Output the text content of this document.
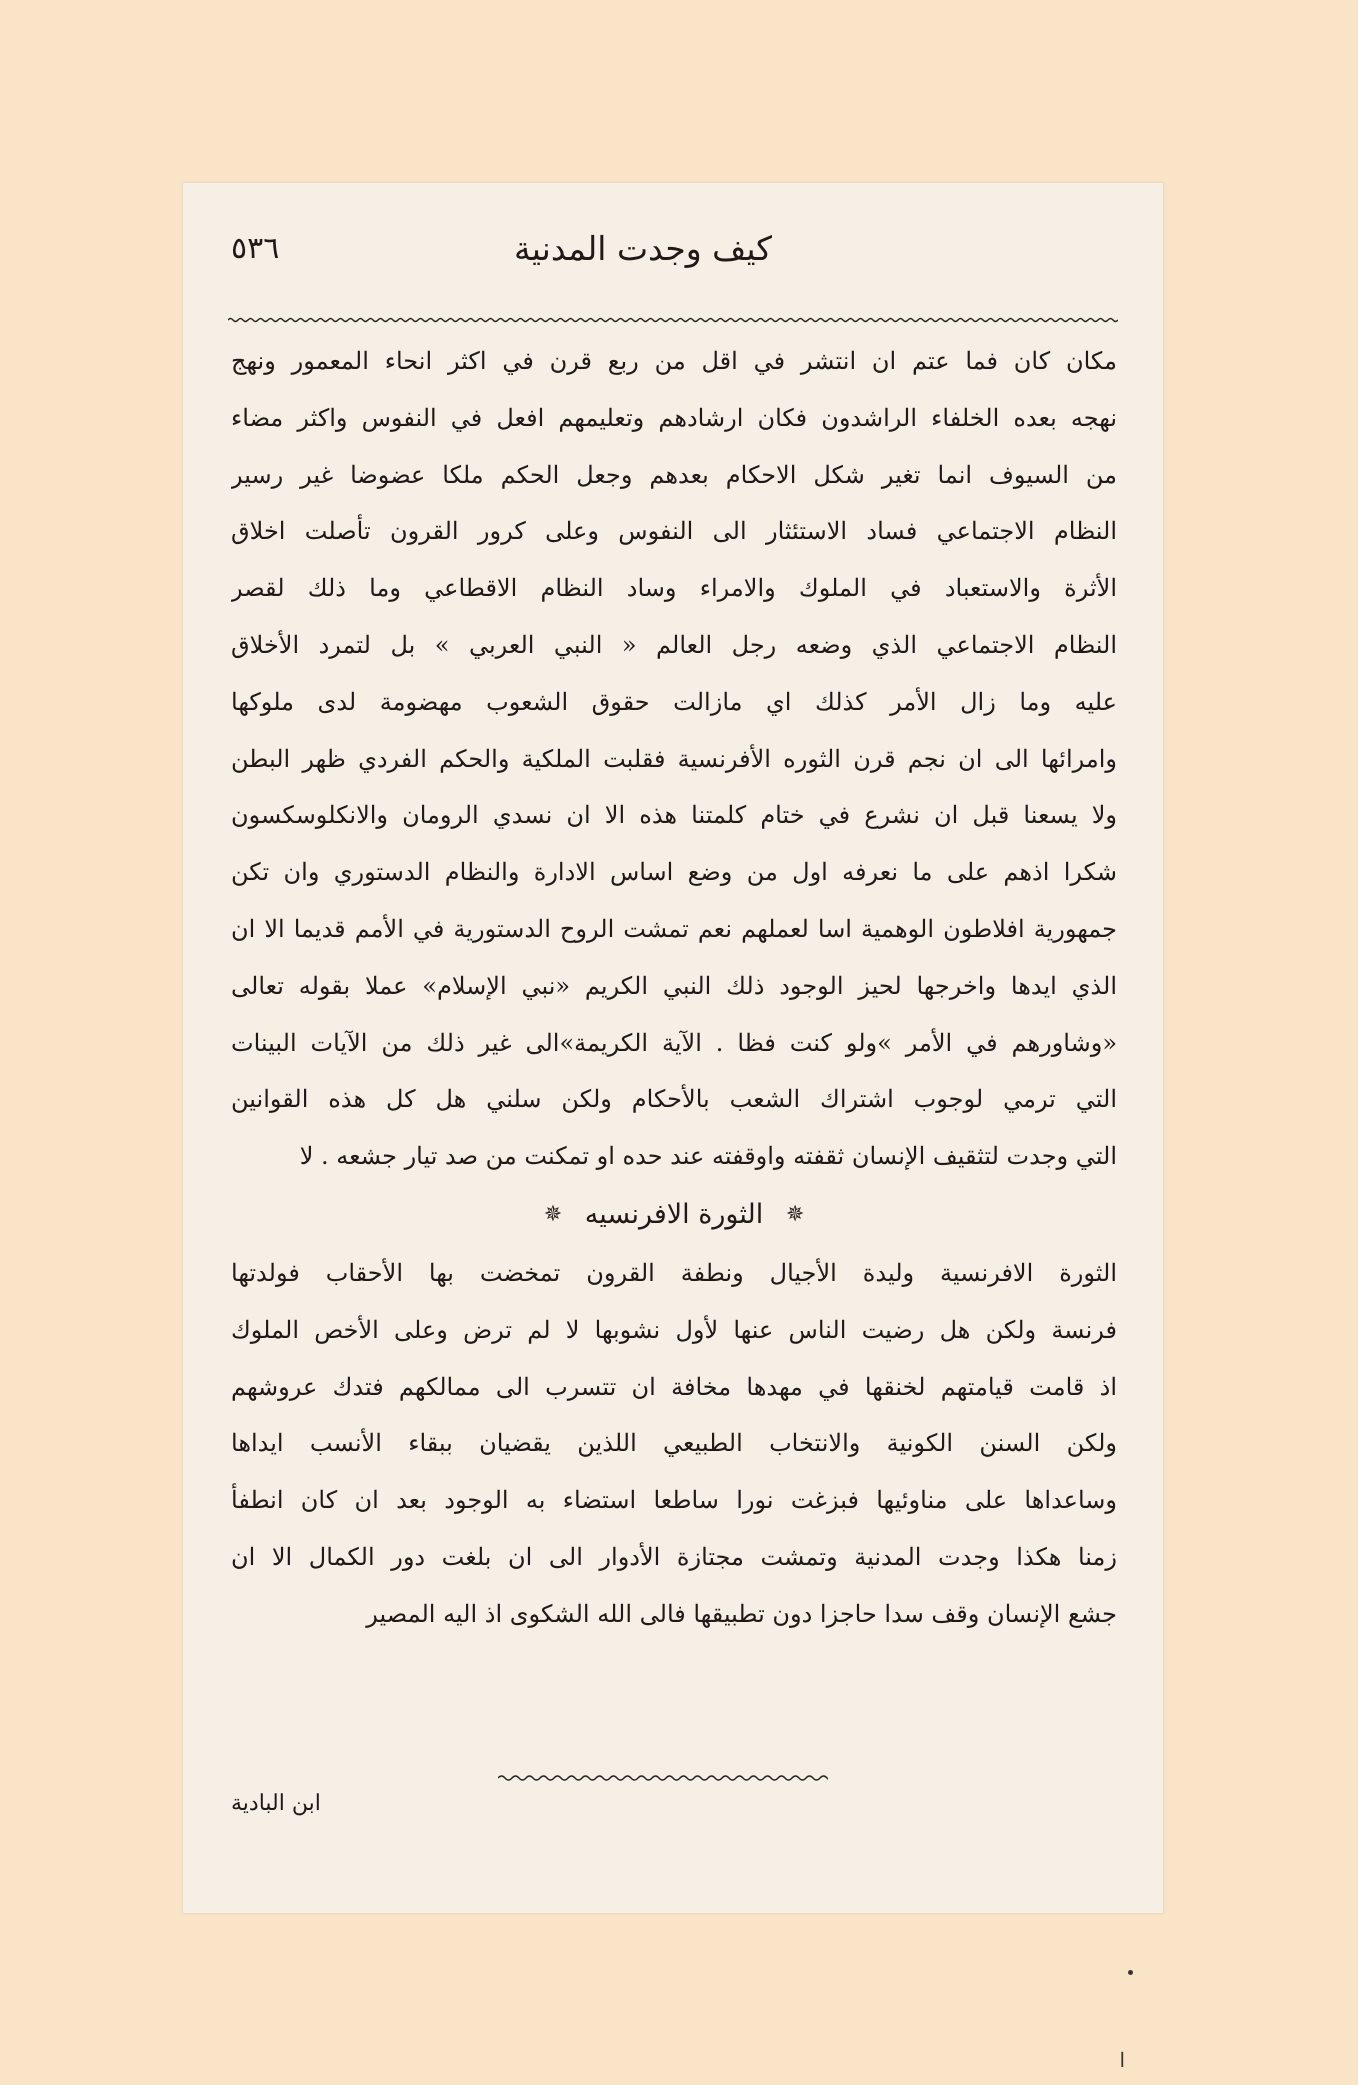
٥٣٦	كيف وجدت المدنية
مكان كان فما عتم ان انتشر في اقل من ربع قرن في اكثر انحاء المعمور ونهج
نهجه بعده الخلفاء الراشدون فكان ارشادهم وتعليمهم افعل في النفوس واكثر مضاء
من السيوف انما تغير شكل الاحكام بعدهم وجعل الحكم ملكا عضوضا غير رسير
النظام الاجتماعي فساد الاستئثار الى النفوس وعلى كرور القرون تأصلت اخلاق
الأثرة والاستعباد في الملوك والامراء وساد النظام الاقطاعي وما ذلك لقصر
النظام الاجتماعي الذي وضعه رجل العالم « النبي العربي » بل لتمرد الأخلاق
عليه وما زال الأمر كذلك اي مازالت حقوق الشعوب مهضومة لدى ملوكها
وامرائها الى ان نجم قرن الثوره الأفرنسية فقلبت الملكية والحكم الفردي ظهر البطن
ولا يسعنا قبل ان نشرع في ختام كلمتنا هذه الا ان نسدي الرومان والانكلوسكسون
شكرا اذهم على ما نعرفه اول من وضع اساس الادارة والنظام الدستوري وان تكن
جمهورية افلاطون الوهمية اسا لعملهم نعم تمشت الروح الدستورية في الأمم قديما الا ان
الذي ايدها واخرجها لحيز الوجود ذلك النبي الكريم «نبي الإسلام» عملا بقوله تعالى
«وشاورهم في الأمر »ولو كنت فظا . الآية الكريمة»الى غير ذلك من الآيات البينات
التي ترمي لوجوب اشتراك الشعب بالأحكام ولكن سلني هل كل هذه القوانين
التي وجدت لتثقيف الإنسان ثقفته واوقفته عند حده او تمكنت من صد تيار جشعه . لا
✵ الثورة الافرنسيه ✵
الثورة الافرنسية وليدة الأجيال ونطفة القرون تمخضت بها الأحقاب فولدتها
فرنسة ولكن هل رضيت الناس عنها لأول نشوبها لا لم ترض وعلى الأخص الملوك
اذ قامت قيامتهم لخنقها في مهدها مخافة ان تتسرب الى ممالكهم فتدك عروشهم
ولكن السنن الكونية والانتخاب الطبيعي اللذين يقضيان ببقاء الأنسب ايداها
وساعداها على مناوئيها فبزغت نورا ساطعا استضاء به الوجود بعد ان كان انطفأ
زمنا هكذا وجدت المدنية وتمشت مجتازة الأدوار الى ان بلغت دور الكمال الا ان
جشع الإنسان وقف سدا حاجزا دون تطبيقها فالى الله الشكوى اذ اليه المصير
ابن البادية
ا
